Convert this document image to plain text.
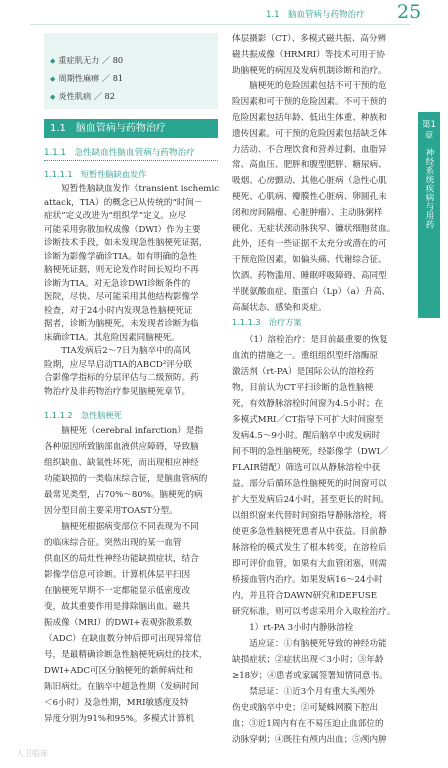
1.1　脑血管病与药物治疗 25
◆ 重症肌无力 ／ 80
◆ 周期性麻痹 ／ 81
◆ 炎性肌病 ／ 82
1.1　脑血管病与药物治疗
1.1.1　急性缺血性脑血管病与药物治疗
1.1.1.1　短暂性脑缺血发作
　　短暂性脑缺血发作（transient ischemic
attack，TIA）的概念已从传统的“时间－
症状”定义改进为“组织学”定义。应尽
可能采用弥散加权成像（DWI）作为主要
诊断技术手段，如未发现急性脑梗死证据，
诊断为影像学确诊TIA。如有明确的急性
脑梗死证据，则无论发作时间长短均不再
诊断为TIA。对无急诊DWI诊断条件的
医院，尽快、尽可能采用其他结构影像学
检查，对于24小时内发现急性脑梗死证
据者，诊断为脑梗死，未发现者诊断为临
床确诊TIA。其危险因素同脑梗死。
　　TIA发病后2～7日为脑卒中的高风
险期，应尽早启动TIA的ABCD²评分联
合影像学指标的分层评估与二级预防。药
物治疗及非药物治疗参见脑梗死章节。
1.1.1.2　急性脑梗死
　　脑梗死（cerebral infarction）是指
各种原因所致脑部血液供应障碍，导致脑
组织缺血、缺氧性坏死，而出现相应神经
功能缺损的一类临床综合征，是脑血管病的
最常见类型，占70%～80%。脑梗死的病
因分型目前主要采用TOAST分型。
　　脑梗死根据病变部位不同表现为不同
的临床综合征。突然出现的某一血管
供血区的局灶性神经功能缺损症状，结合
影像学信息可诊断。计算机体层平扫因
在脑梗死早期不一定都能显示低密度改
变，故其重要作用是排除脑出血。磁共
振成像（MRI）的DWI+表观弥散系数
（ADC）在缺血数分钟后即可出现异常信
号，是最精确诊断急性脑梗死病灶的技术，
DWI+ADC可区分脑梗死的新鲜病灶和
陈旧病灶。在脑卒中超急性期（发病时间
＜6小时）及急性期，MRI敏感度及特
异度分别为91%和95%。多模式计算机
体层摄影（CT）、多模式磁共振、高分辨
磁共振成像（HRMRI）等技术可用于协
助脑梗死的病因及发病机制诊断和治疗。
　　脑梗死的危险因素包括不可干预的危
险因素和可干预的危险因素。不可干预的
危险因素包括年龄、低出生体重、种族和
遗传因素。可干预的危险因素包括缺乏体
力活动、不合理饮食和营养过剩、血脂异
常、高血压、肥胖和腹型肥胖、糖尿病、
吸烟、心房颤动、其他心脏病（急性心肌
梗死、心肌病、瓣膜性心脏病、卵圆孔未
闭和房间隔瘤、心脏肿瘤）、主动脉粥样
硬化、无症状颈动脉狭窄、镰状细胞贫血。
此外，还有一些证据不太充分或潜在的可
干预危险因素，如偏头痛、代谢综合征、
饮酒、药物滥用、睡眠呼吸障碍、高同型
半胱氨酸血症、脂蛋白（Lp）（a）升高、
高凝状态、感染和炎症。
1.1.1.3　治疗方案
　　（1）溶栓治疗：是目前最重要的恢复
血流的措施之一。重组组织型纤溶酶原
激活剂（rt-PA）是国际公认的溶栓药
物，目前认为CT平扫诊断的急性脑梗
死，有效静脉溶栓时间窗为4.5小时；在
多模式MRI／CT指导下可扩大时间窗至
发病4.5～9小时。醒后脑卒中或发病时
间不明的急性脑梗死，经影像学（DWI／
FLAIR错配）筛选可以从静脉溶栓中获
益。部分后循环急性脑梗死的时间窗可以
扩大至发病后24小时，甚至更长的时间。
以组织窗来代替时间窗指导静脉溶栓，将
使更多急性脑梗死患者从中获益。目前静
脉溶栓的模式发生了根本转变，在溶栓后
即可评价血管，如果有大血管闭塞，则需
桥接血管内治疗。如果发病16～24小时
内，并且符合DAWN研究和DEFUSE
研究标准，则可以考虑采用介入取栓治疗。
　　1）rt-PA 3小时内静脉溶栓
　　适应证：①有脑梗死导致的神经功能
缺损症状；②症状出现＜3小时；③年龄
≥18岁；④患者或家属签署知情同意书。
　　禁忌证：①近3个月有重大头颅外
伤史或脑卒中史；②可疑蛛网膜下腔出
血；③近1周内有在不易压迫止血部位的
动脉穿刺；④既往有颅内出血；⑤颅内肿
第1章
神经系统疾病与用药
人卫临床
